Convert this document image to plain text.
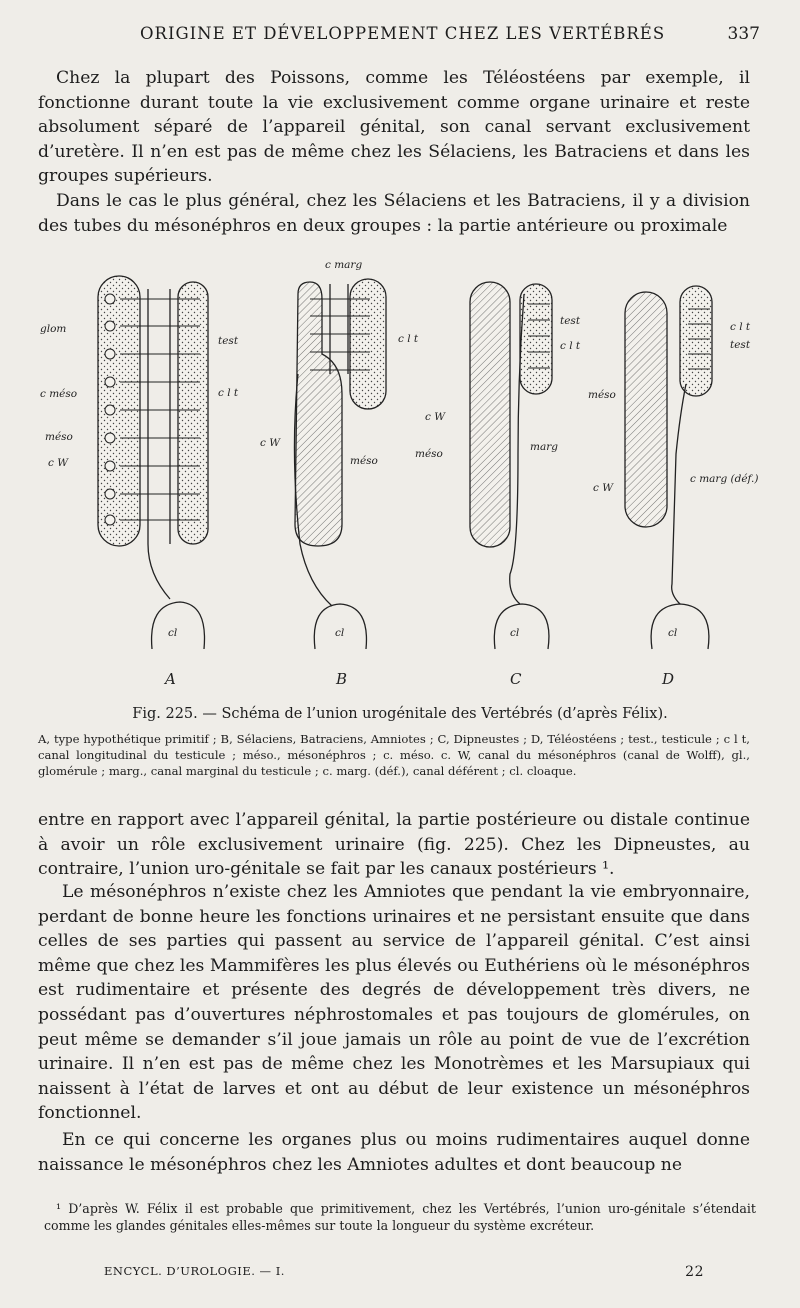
ORIGINE ET DÉVELOPPEMENT CHEZ LES VERTÉBRÉS	337

Chez la plupart des Poissons, comme les Téléostéens par exemple, il fonctionne durant toute la vie exclusivement comme organe urinaire et reste absolument séparé de l’appareil génital, son canal servant exclusivement d’uretère. Il n’en est pas de même chez les Sélaciens, les Batraciens et dans les groupes supérieurs.

Dans le cas le plus général, chez les Sélaciens et les Batraciens, il y a division des tubes du mésonéphros en deux groupes : la partie antérieure ou proximale

glom
c méso
méso
c W
test
c l t
cl
A
c marg
c l t
c W
méso
cl
B
test
c l t
c W
méso
marg
cl
C
c l t
test
méso
c W
c marg (déf.)
cl
D
Fig. 225. — Schéma de l’union urogénitale des Vertébrés (d’après Félix).

A, type hypothétique primitif ; B, Sélaciens, Batraciens, Amniotes ; C, Dipneustes ; D, Téléostéens ; test., testicule ; c l t, canal longitudinal du testicule ; méso., mésonéphros ; c. méso. c. W, canal du mésonéphros (canal de Wolff), gl., glomérule ; marg., canal marginal du testicule ; c. marg. (déf.), canal déférent ; cl. cloaque.

entre en rapport avec l’appareil génital, la partie postérieure ou distale continue à avoir un rôle exclusivement urinaire (fig. 225). Chez les Dipneustes, au contraire, l’union uro-génitale se fait par les canaux postérieurs ¹.

Le mésonéphros n’existe chez les Amniotes que pendant la vie embryonnaire, perdant de bonne heure les fonctions urinaires et ne persistant ensuite que dans celles de ses parties qui passent au service de l’appareil génital. C’est ainsi même que chez les Mammifères les plus élevés ou Euthériens où le mésonéphros est rudimentaire et présente des degrés de développement très divers, ne possédant pas d’ouvertures néphrostomales et pas toujours de glomérules, on peut même se demander s’il joue jamais un rôle au point de vue de l’excrétion urinaire. Il n’en est pas de même chez les Monotrèmes et les Marsupiaux qui naissent à l’état de larves et ont au début de leur existence un mésonéphros fonctionnel.

En ce qui concerne les organes plus ou moins rudimentaires auquel donne naissance le mésonéphros chez les Amniotes adultes et dont beaucoup ne

¹ D’après W. Félix il est probable que primitivement, chez les Vertébrés, l’union uro-génitale s’étendait comme les glandes génitales elles-mêmes sur toute la longueur du système excréteur.

ENCYCL. D’UROLOGIE. — I.	22
